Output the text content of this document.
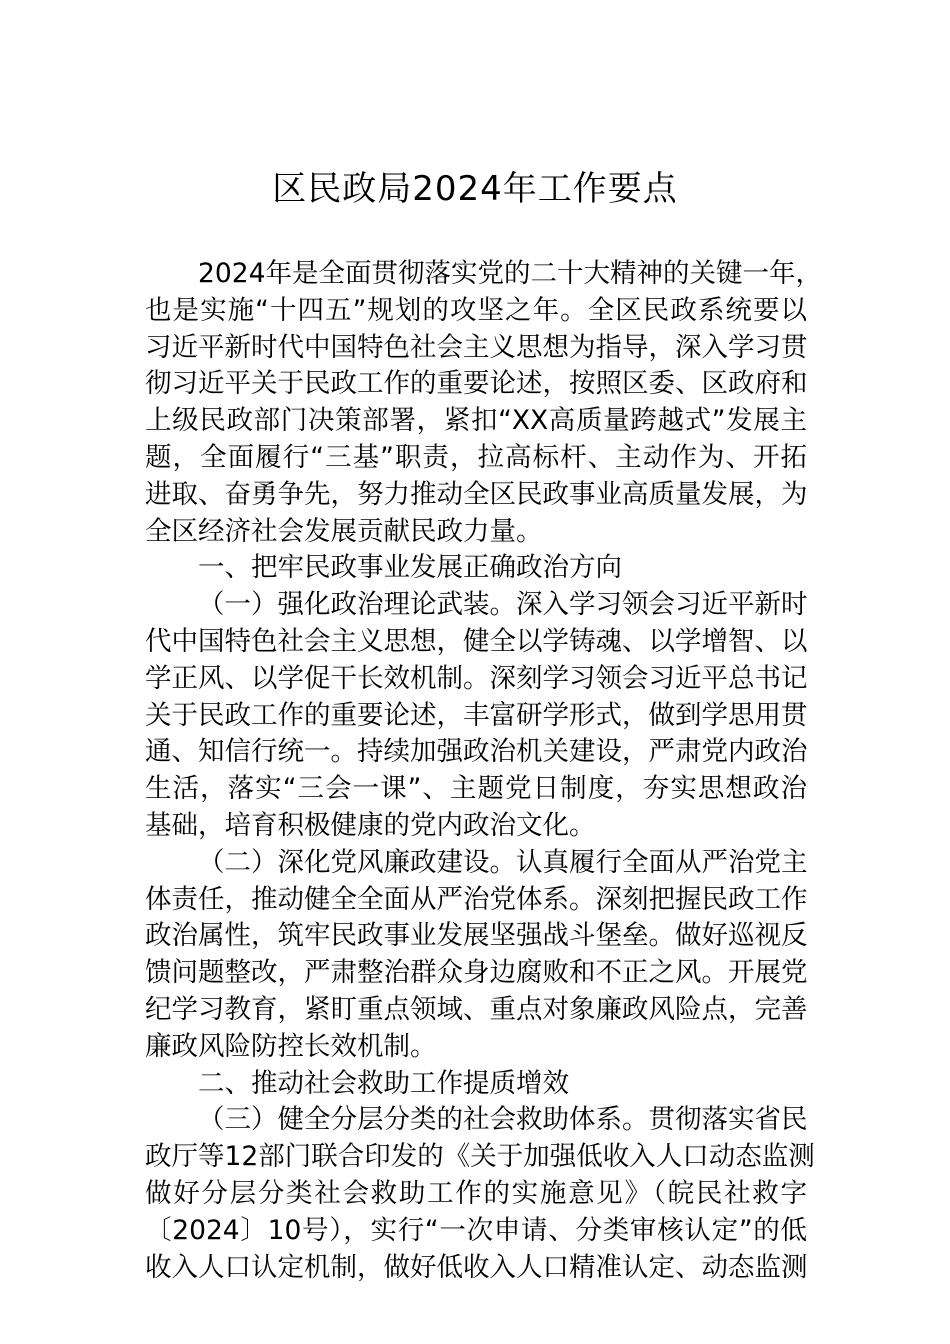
区民政局2024年工作要点
2024年是全面贯彻落实党的二十大精神的关键一年，
也是实施“十四五”规划的攻坚之年。全区民政系统要以
习近平新时代中国特色社会主义思想为指导，深入学习贯
彻习近平关于民政工作的重要论述，按照区委、区政府和
上级民政部门决策部署，紧扣“XX高质量跨越式”发展主
题，全面履行“三基”职责，拉高标杆、主动作为、开拓
进取、奋勇争先，努力推动全区民政事业高质量发展，为
全区经济社会发展贡献民政力量。
一、把牢民政事业发展正确政治方向
（一）强化政治理论武装。深入学习领会习近平新时
代中国特色社会主义思想，健全以学铸魂、以学增智、以
学正风、以学促干长效机制。深刻学习领会习近平总书记
关于民政工作的重要论述，丰富研学形式，做到学思用贯
通、知信行统一。持续加强政治机关建设，严肃党内政治
生活，落实“三会一课”、主题党日制度，夯实思想政治
基础，培育积极健康的党内政治文化。
（二）深化党风廉政建设。认真履行全面从严治党主
体责任，推动健全全面从严治党体系。深刻把握民政工作
政治属性，筑牢民政事业发展坚强战斗堡垒。做好巡视反
馈问题整改，严肃整治群众身边腐败和不正之风。开展党
纪学习教育，紧盯重点领域、重点对象廉政风险点，完善
廉政风险防控长效机制。
二、推动社会救助工作提质增效
（三）健全分层分类的社会救助体系。贯彻落实省民
政厅等12部门联合印发的《关于加强低收入人口动态监测
做好分层分类社会救助工作的实施意见》（皖民社救字
〔2024〕10号），实行“一次申请、分类审核认定”的低
收入人口认定机制，做好低收入人口精准认定、动态监测
